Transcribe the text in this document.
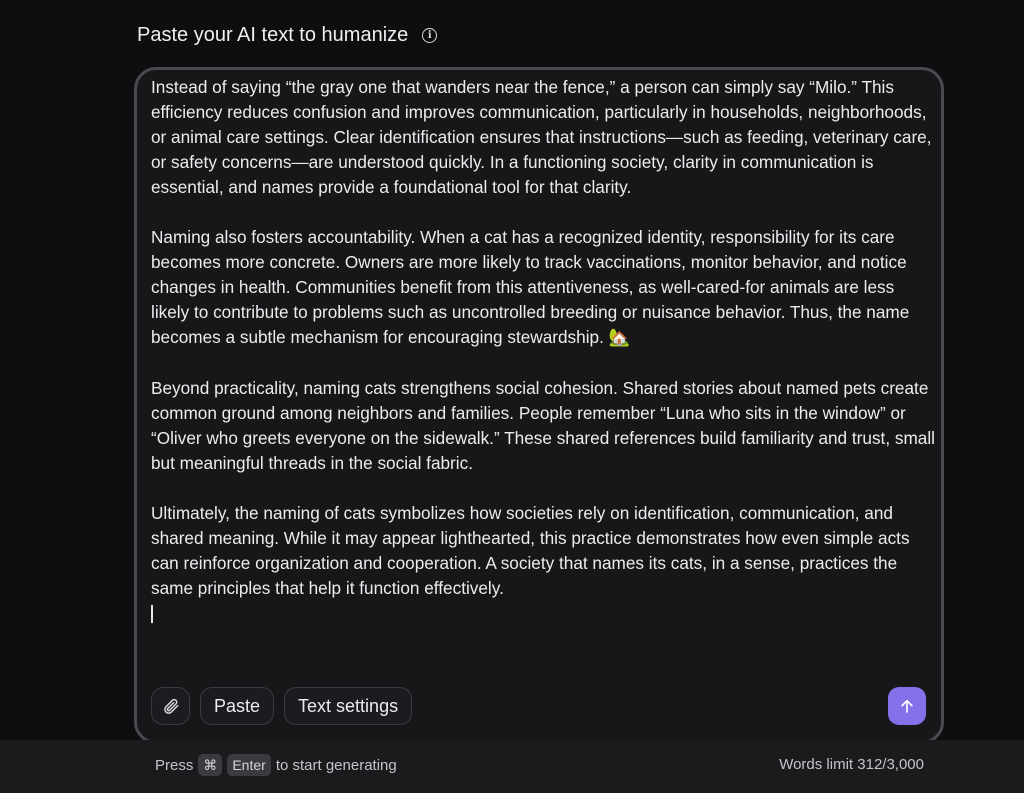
Paste your AI text to humanize	i

Instead of saying “the gray one that wanders near the fence,” a person can simply say “Milo.” This efficiency reduces confusion and improves communication, particularly in households, neighborhoods, or animal care settings. Clear identification ensures that instructions—such as feeding, veterinary care, or safety concerns—are understood quickly. In a functioning society, clarity in communication is essential, and names provide a foundational tool for that clarity.

Naming also fosters accountability. When a cat has a recognized identity, responsibility for its care becomes more concrete. Owners are more likely to track vaccinations, monitor behavior, and notice changes in health. Communities benefit from this attentiveness, as well-cared-for animals are less likely to contribute to problems such as uncontrolled breeding or nuisance behavior. Thus, the name becomes a subtle mechanism for encouraging stewardship. 🏡

Beyond practicality, naming cats strengthens social cohesion. Shared stories about named pets create common ground among neighbors and families. People remember “Luna who sits in the window” or “Oliver who greets everyone on the sidewalk.” These shared references build familiarity and trust, small but meaningful threads in the social fabric.

Ultimately, the naming of cats symbolizes how societies rely on identification, communication, and shared meaning. While it may appear lighthearted, this practice demonstrates how even simple acts can reinforce organization and cooperation. A society that names its cats, in a sense, practices the same principles that help it function effectively.

Paste	Text settings
Press ⌘	Enter to start generating	Words limit 312/3,000
